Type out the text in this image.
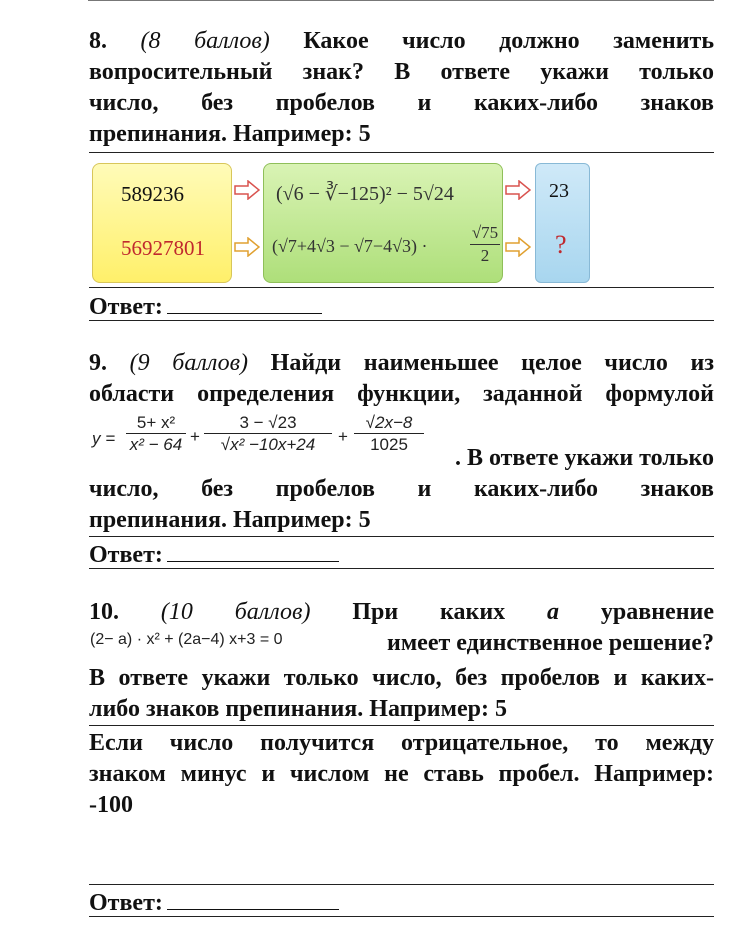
8. (8 баллов) Какое число должно заменить
вопросительный знак? В ответе укажи только
число, без пробелов и каких-либо знаков
препинания. Например: 5
589236
56927801
(√6 − ∛−125)² − 5√24
(√7+4√3 − √7−4√3) ·	$\frac{√75}{2}$
23
?
Ответ:
9. (9 баллов) Найди наименьшее целое число из
области определения функции, заданной формулой
$y = \frac{\text{5+ x²}}{\text{x² − 64}} + \frac{3 - √23}{\text{√x² −10x+24}} + \frac{√2x-8}{1025}$
. В ответе укажи только
число, без пробелов и каких-либо знаков
препинания. Например: 5
Ответ:
10. (10 баллов) При каких a уравнение
(2− a) · x² + (2a−4) x+3 = 0	имеет единственное решение?
В ответе укажи только число, без пробелов и каких-
либо знаков препинания. Например: 5
Если число получится отрицательное, то между
знаком минус и числом не ставь пробел. Например:
-100
Ответ:
